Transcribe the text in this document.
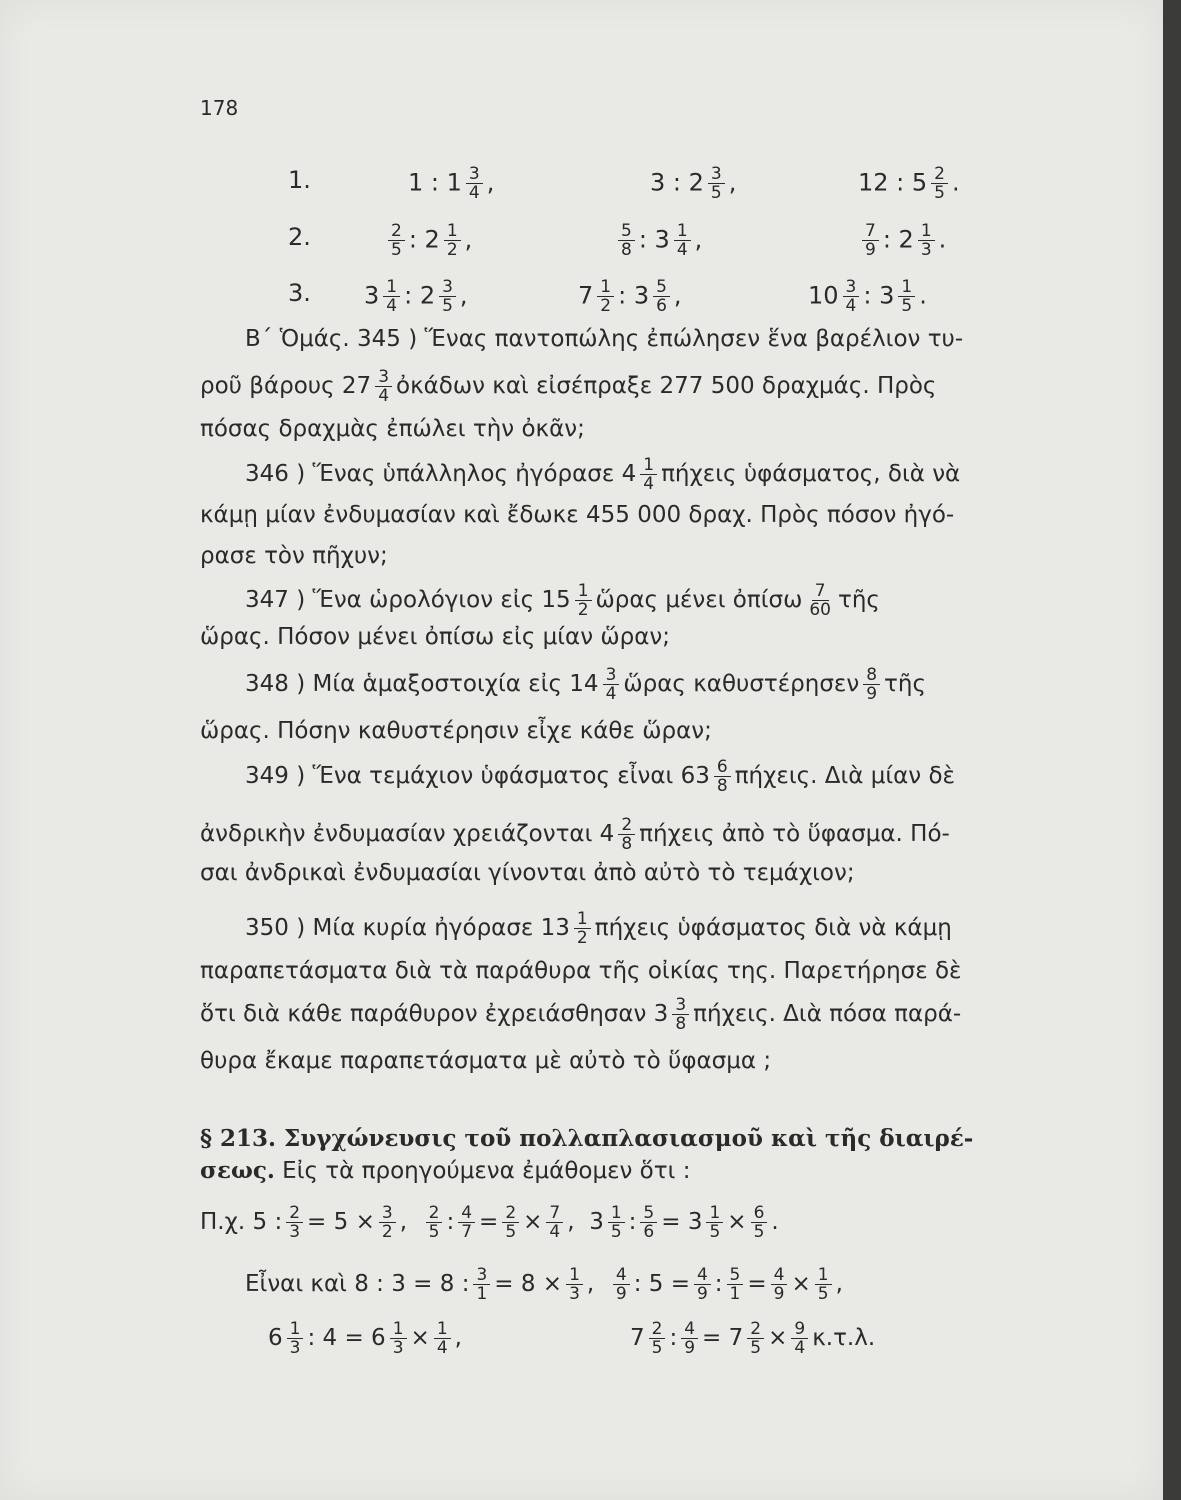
178
1.	1 : $1 \frac{3}{4}$ ,	3 : $2 \frac{3}{5}$ ,	12 : $5 \frac{2}{5}$ .
2.	$\frac{2}{5}$ : $2 \frac{1}{2}$ ,	$\frac{5}{8}$ : $3 \frac{1}{4}$ ,	$\frac{7}{9}$ : $2 \frac{1}{3}$ .
3. $3 \frac{1}{4}$ : $2 \frac{3}{5}$ ,	$7 \frac{1}{2}$ : $3 \frac{5}{6}$ ,	$10 \frac{3}{4}$ : $3 \frac{1}{5}$ .
Β΄ Ὁμάς. 345 ) Ἕνας παντοπώλης ἐπώλησεν ἕνα βαρέλιον τυ-
ροῦ βάρους $27 \frac{3}{4}$ ὀκάδων καὶ εἰσέπραξε 277 500 δραχμάς. Πρὸς
πόσας δραχμὰς ἐπώλει τὴν ὀκᾶν;
346 ) Ἕνας ὑπάλληλος ἠγόρασε $4 \frac{1}{4}$ πήχεις ὑφάσματος, διὰ νὰ
κάμῃ μίαν ἐνδυμασίαν καὶ ἔδωκε 455 000 δραχ. Πρὸς πόσον ἠγό-
ρασε τὸν πῆχυν;
347 ) Ἕνα ὡρολόγιον εἰς $15 \frac{1}{2}$ ὥρας μένει ὀπίσω $\frac{7}{60}$ τῆς
ὥρας. Πόσον μένει ὀπίσω εἰς μίαν ὥραν;
348 ) Μία ἁμαξοστοιχία εἰς $14 \frac{3}{4}$ ὥρας καθυστέρησεν $\frac{8}{9}$ τῆς
ὥρας. Πόσην καθυστέρησιν εἶχε κάθε ὥραν;
349 ) Ἕνα τεμάχιον ὑφάσματος εἶναι $63 \frac{6}{8} \pi ή\chi\varepsilon\iota\varsigma$. Διὰ μίαν δὲ
ἀνδρικὴν ἐνδυμασίαν χρειάζονται $4 \frac{2}{8}$ πήχεις ἀπὸ τὸ ὕφασμα. Πό-
σαι ἀνδρικαὶ ἐνδυμασίαι γίνονται ἀπὸ αὐτὸ τὸ τεμάχιον;
350 ) Μία κυρία ἠγόρασε $13 \frac{1}{2}$ πήχεις ὑφάσματος διὰ νὰ κάμῃ
παραπετάσματα διὰ τὰ παράθυρα τῆς οἰκίας της. Παρετήρησε δὲ
ὅτι διὰ κάθε παράθυρον ἐχρειάσθησαν $3 \frac{3}{8} \pi ή\chi\varepsilon\iota\varsigma$. Διὰ πόσα παρά-
θυρα ἔκαμε παραπετάσματα μὲ αὐτὸ τὸ ὕφασμα ;
§ 213. Συγχώνευσις τοῦ πολλαπλασιασμοῦ καὶ τῆς διαιρέ-
σεως. Εἰς τὰ προηγούμενα ἐμάθομεν ὅτι :
Π.χ. 5 : $\frac{2}{3} = 5 \times \frac{3}{2}$ , $\frac{2}{5}$ : $\frac{4}{7} = \frac{2}{5} \times \frac{7}{4}$ , $3 \frac{1}{5}$ : $\frac{5}{6} = 3 \frac{1}{5} \times \frac{6}{5}$ .
Εἶναι καὶ 8 : 3 = 8 : $\frac{3}{1} = 8 \times \frac{1}{3}$ , $\frac{4}{9}$ : $5 = \frac{4}{9}$ : $\frac{5}{1} = \frac{4}{9} \times \frac{1}{5}$ ,
$6 \frac{1}{3}$ : $4 = 6 \frac{1}{3} \times \frac{1}{4}$ ,	$7 \frac{2}{5}$ : $\frac{4}{9} = 7 \frac{2}{5} \times \frac{9}{4} \kappa.\tau.\lambda$.
